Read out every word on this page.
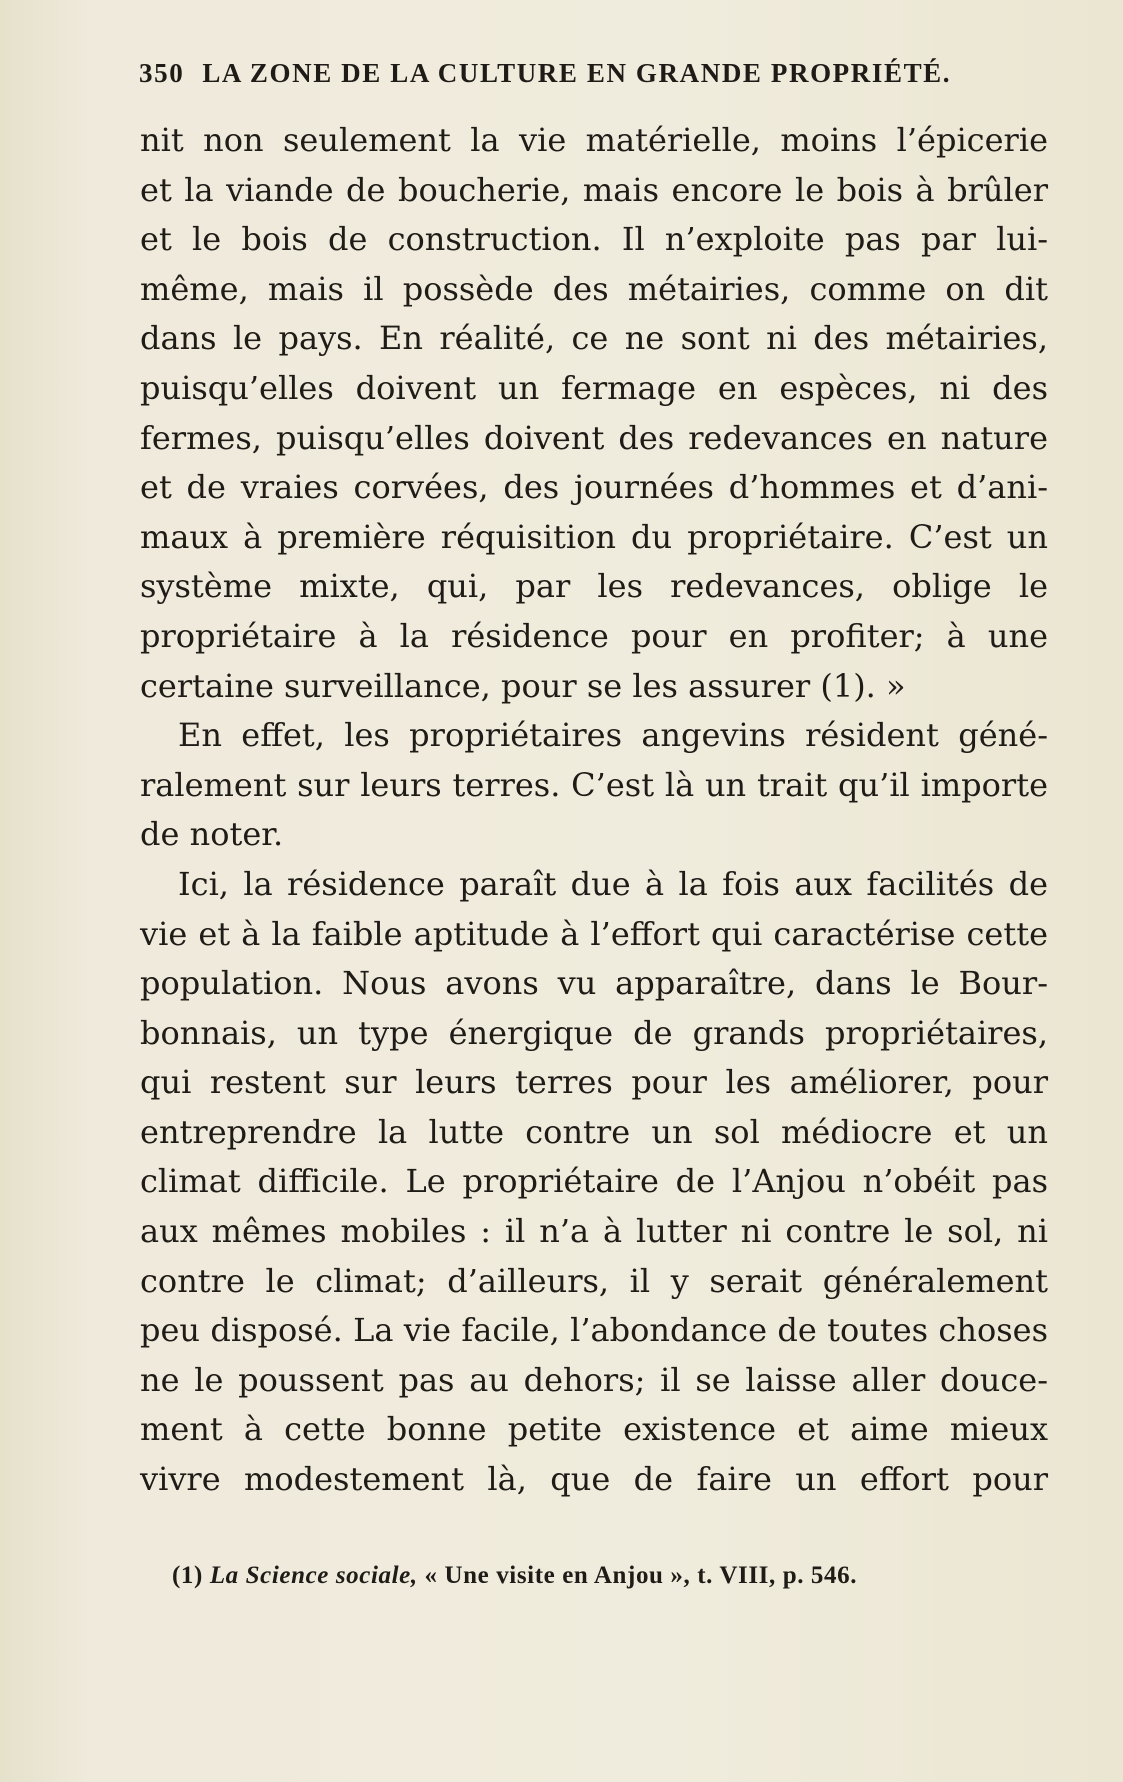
350 LA ZONE DE LA CULTURE EN GRANDE PROPRIÉTÉ.
nit non seulement la vie matérielle, moins l’épicerie
et la viande de boucherie, mais encore le bois à brûler
et le bois de construction. Il n’exploite pas par lui-
même, mais il possède des métairies, comme on dit
dans le pays. En réalité, ce ne sont ni des métairies,
puisqu’elles doivent un fermage en espèces, ni des
fermes, puisqu’elles doivent des redevances en nature
et de vraies corvées, des journées d’hommes et d’ani-
maux à première réquisition du propriétaire. C’est un
système mixte, qui, par les redevances, oblige le
propriétaire à la résidence pour en profiter; à une
certaine surveillance, pour se les assurer (1). »
En effet, les propriétaires angevins résident géné-
ralement sur leurs terres. C’est là un trait qu’il importe
de noter.
Ici, la résidence paraît due à la fois aux facilités de
vie et à la faible aptitude à l’effort qui caractérise cette
population. Nous avons vu apparaître, dans le Bour-
bonnais, un type énergique de grands propriétaires,
qui restent sur leurs terres pour les améliorer, pour
entreprendre la lutte contre un sol médiocre et un
climat difficile. Le propriétaire de l’Anjou n’obéit pas
aux mêmes mobiles : il n’a à lutter ni contre le sol, ni
contre le climat; d’ailleurs, il y serait généralement
peu disposé. La vie facile, l’abondance de toutes choses
ne le poussent pas au dehors; il se laisse aller douce-
ment à cette bonne petite existence et aime mieux
vivre modestement là, que de faire un effort pour
(1) La Science sociale, « Une visite en Anjou », t. VIII, p. 546.
